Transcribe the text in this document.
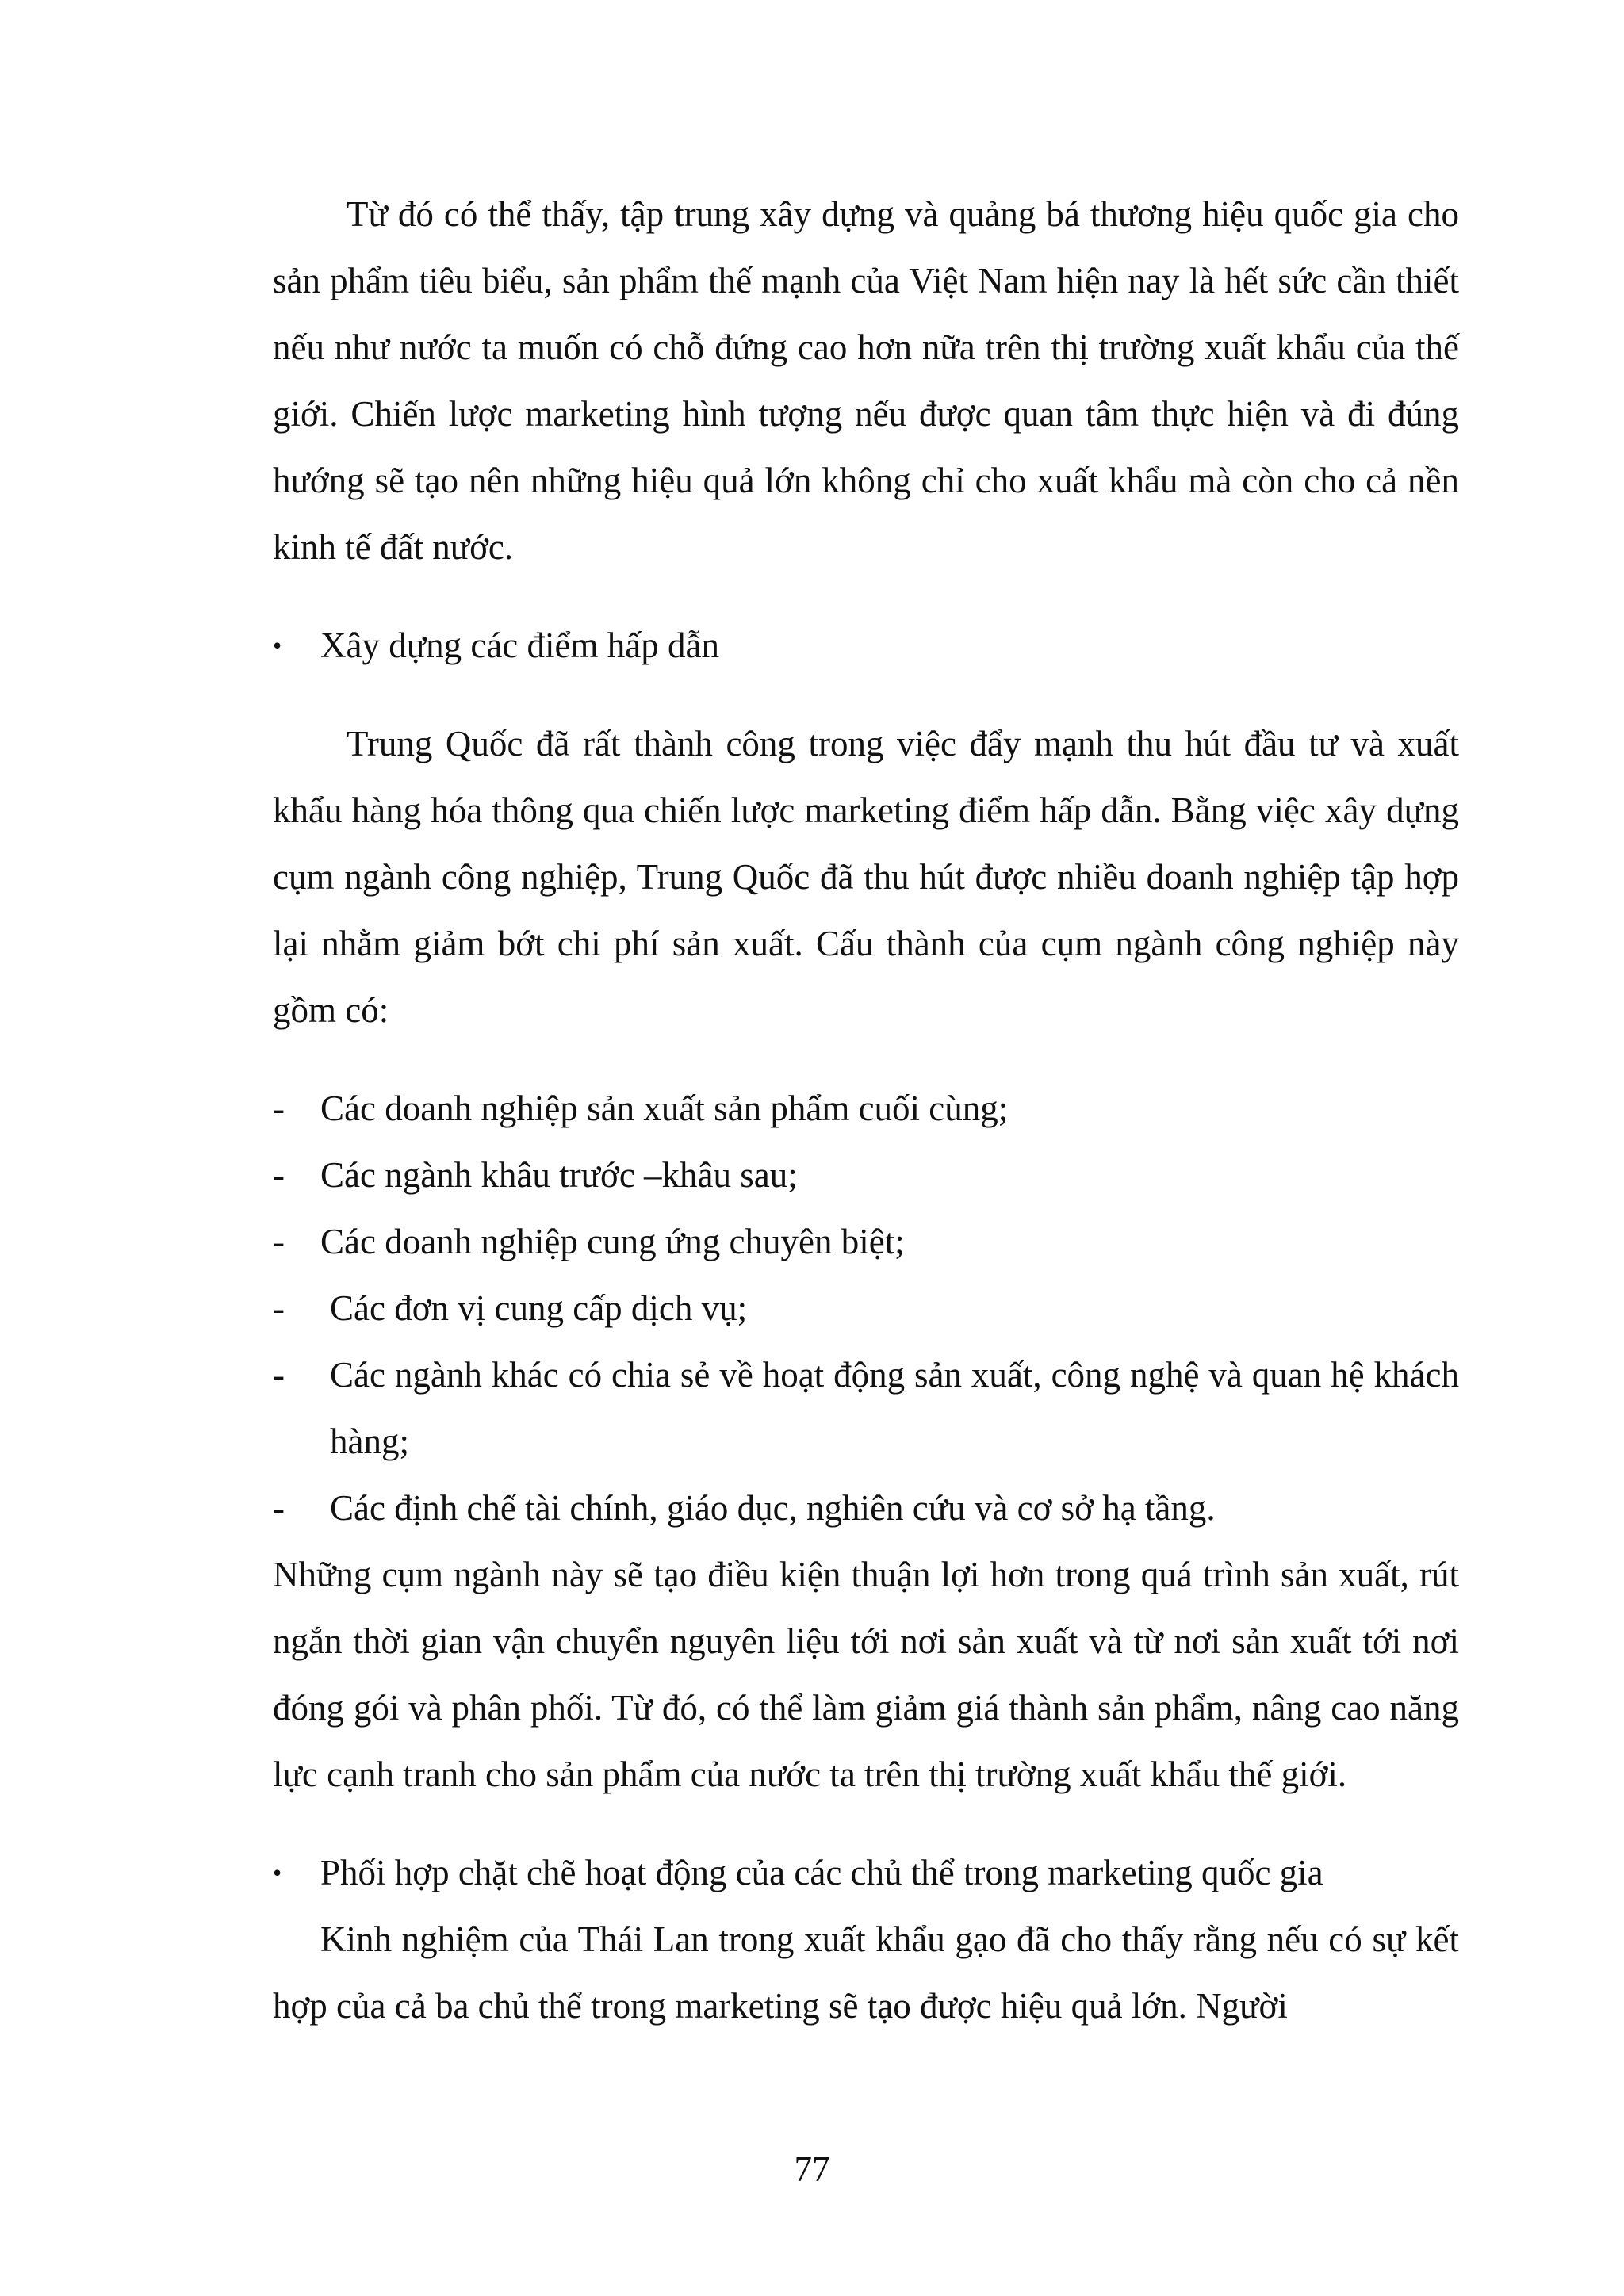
Từ đó có thể thấy, tập trung xây dựng và quảng bá thương hiệu quốc gia cho sản phẩm tiêu biểu, sản phẩm thế mạnh của Việt Nam hiện nay là hết sức cần thiết nếu như nước ta muốn có chỗ đứng cao hơn nữa trên thị trường xuất khẩu của thế giới. Chiến lược marketing hình tượng nếu được quan tâm thực hiện và đi đúng hướng sẽ tạo nên những hiệu quả lớn không chỉ cho xuất khẩu mà còn cho cả nền kinh tế đất nước.

•	Xây dựng các điểm hấp dẫn

Trung Quốc đã rất thành công trong việc đẩy mạnh thu hút đầu tư và xuất khẩu hàng hóa thông qua chiến lược marketing điểm hấp dẫn. Bằng việc xây dựng cụm ngành công nghiệp, Trung Quốc đã thu hút được nhiều doanh nghiệp tập hợp lại nhằm giảm bớt chi phí sản xuất. Cấu thành của cụm ngành công nghiệp này gồm có:

-	Các doanh nghiệp sản xuất sản phẩm cuối cùng;
-	Các ngành khâu trước –khâu sau;
-	Các doanh nghiệp cung ứng chuyên biệt;
-	Các đơn vị cung cấp dịch vụ;
-	Các ngành khác có chia sẻ về hoạt động sản xuất, công nghệ và quan hệ khách hàng;
-	Các định chế tài chính, giáo dục, nghiên cứu và cơ sở hạ tầng.

Những cụm ngành này sẽ tạo điều kiện thuận lợi hơn trong quá trình sản xuất, rút ngắn thời gian vận chuyển nguyên liệu tới nơi sản xuất và từ nơi sản xuất tới nơi đóng gói và phân phối. Từ đó, có thể làm giảm giá thành sản phẩm, nâng cao năng lực cạnh tranh cho sản phẩm của nước ta trên thị trường xuất khẩu thế giới.

•	Phối hợp chặt chẽ hoạt động của các chủ thể trong marketing quốc gia

Kinh nghiệm của Thái Lan trong xuất khẩu gạo đã cho thấy rằng nếu có sự kết hợp của cả ba chủ thể trong marketing sẽ tạo được hiệu quả lớn. Người

77
